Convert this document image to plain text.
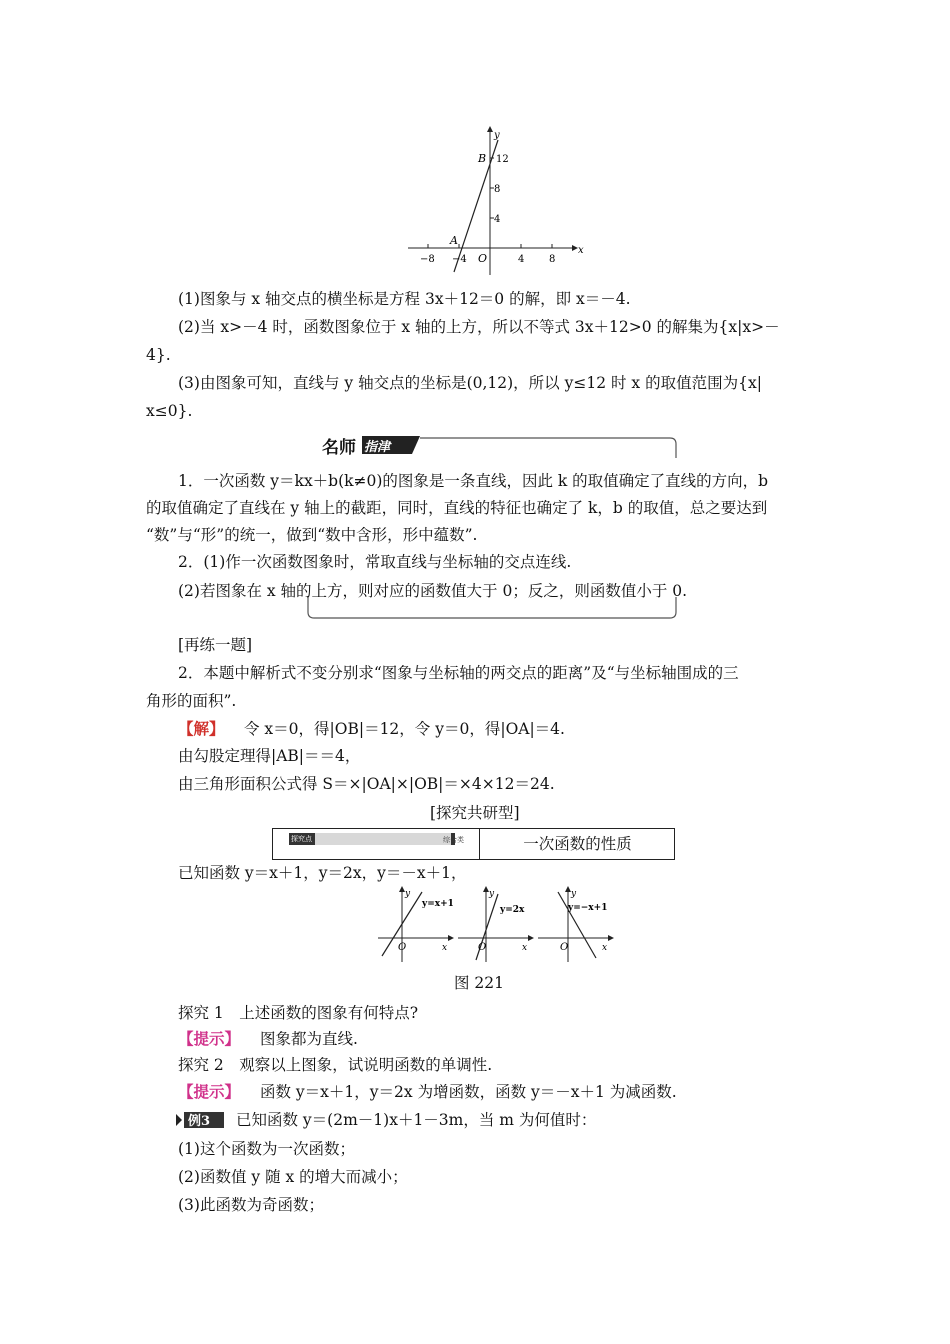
y
x
O
A
B 12
8
4
−8 −4	4 8
(1)图象与 x 轴交点的横坐标是方程 3x＋12＝0 的解，即 x＝－4.
(2)当 x>－4 时，函数图象位于 x 轴的上方，所以不等式 3x＋12>0 的解集为{x|x>－
4}.
(3)由图象可知，直线与 y 轴交点的坐标是(0,12)，所以 y≤12 时 x 的取值范围为{x|
x≤0}.
名师 指津
1．一次函数 y＝kx＋b(k≠0)的图象是一条直线，因此 k 的取值确定了直线的方向，b
的取值确定了直线在 y 轴上的截距，同时，直线的特征也确定了 k，b 的取值，总之要达到
“数”与“形”的统一，做到“数中含形，形中蕴数”.
2．(1)作一次函数图象时，常取直线与坐标轴的交点连线.
(2)若图象在 x 轴的上方，则对应的函数值大于 0；反之，则函数值小于 0.
[再练一题]
2．本题中解析式不变分别求“图象与坐标轴的两交点的距离”及“与坐标轴围成的三
角形的面积”.
【解】 令 x＝0，得|OB|＝12，令 y＝0，得|OA|＝4.
由勾股定理得|AB|＝＝4，
由三角形面积公式得 S＝×|OA|×|OB|＝×4×12＝24.
[探究共研型]
探究点	综合类	一次函数的性质
已知函数 y＝x＋1，y＝2x，y＝－x＋1，
y
x
O
y=x+1
y
x
O
y=2x
y
x
O
y=−x+1
图 221
探究 1　上述函数的图象有何特点?
【提示】 图象都为直线.
探究 2　观察以上图象，试说明函数的单调性.
【提示】 函数 y＝x＋1，y＝2x 为增函数，函数 y＝－x＋1 为减函数.
例3 已知函数 y＝(2m－1)x＋1－3m，当 m 为何值时：
(1)这个函数为一次函数；
(2)函数值 y 随 x 的增大而减小；
(3)此函数为奇函数；
